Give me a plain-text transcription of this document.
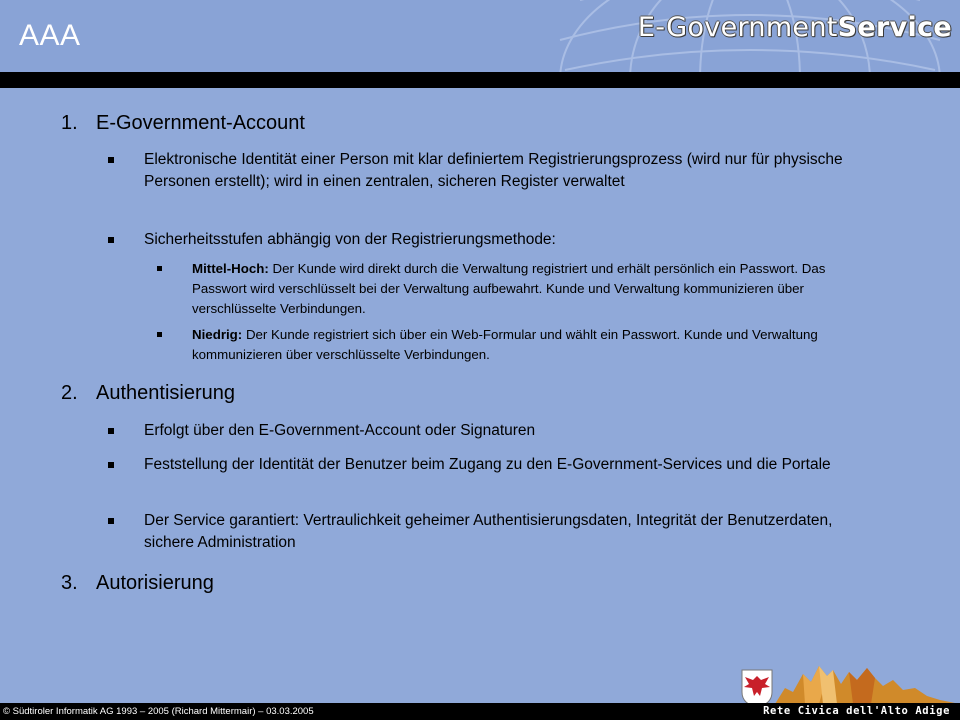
AAA	E-GovernmentService
1. E-Government-Account
Elektronische Identität einer Person mit klar definiertem Registrierungsprozess (wird nur für physische Personen erstellt); wird in einen zentralen, sicheren Register verwaltet
Sicherheitsstufen abhängig von der Registrierungsmethode:
Mittel-Hoch: Der Kunde wird direkt durch die Verwaltung registriert und erhält persönlich ein Passwort. Das Passwort wird verschlüsselt bei der Verwaltung aufbewahrt. Kunde und Verwaltung kommunizieren über verschlüsselte Verbindungen.
Niedrig: Der Kunde registriert sich über ein Web-Formular und wählt ein Passwort. Kunde und Verwaltung kommunizieren über verschlüsselte Verbindungen.
2. Authentisierung
Erfolgt über den E-Government-Account oder Signaturen
Feststellung der Identität der Benutzer beim Zugang zu den E-Government-Services und die Portale
Der Service garantiert: Vertraulichkeit geheimer Authentisierungsdaten, Integrität der Benutzerdaten, sichere Administration
3. Autorisierung
© Südtiroler Informatik AG 1993 – 2005 (Richard Mittermair) – 03.03.2005	Rete Civica dell'Alto Adige
